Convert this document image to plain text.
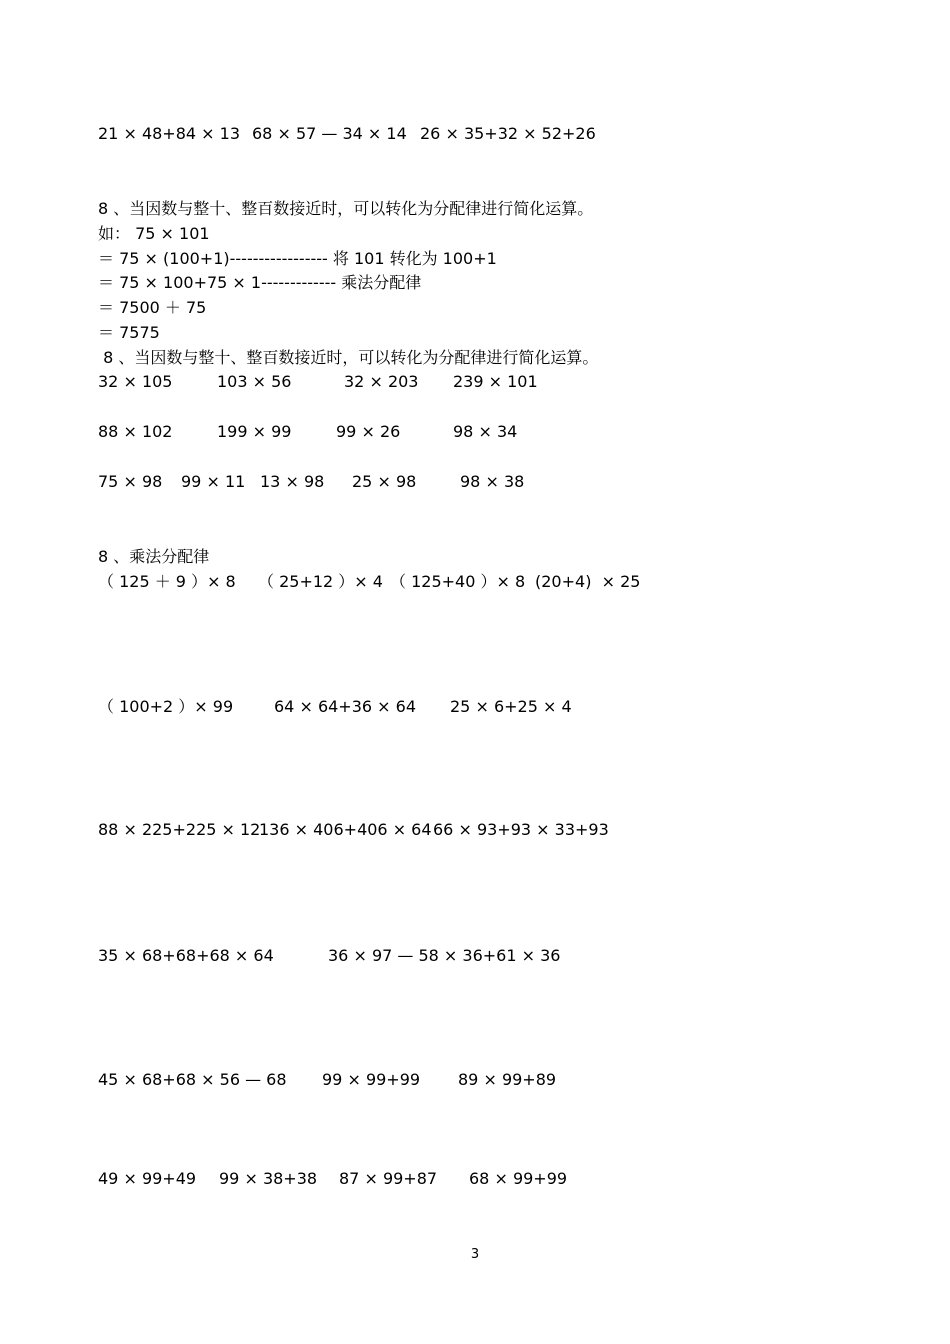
21 × 48+84 × 13 68 × 57 — 34 × 14 26 × 35+32 × 52+26
8 、当因数与整十、整百数接近时，可以转化为分配律进行简化运算。
如： 75 × 101
＝ 75 × (100+1)----------------- 将 101 转化为 100+1
＝ 75 × 100+75 × 1------------- 乘法分配律
＝ 7500 ＋ 75
＝ 7575
8 、当因数与整十、整百数接近时，可以转化为分配律进行简化运算。
32 × 105	103 × 56	32 × 203 239 × 101
88 × 102	199 × 99	99 × 26	98 × 34
75 × 98 99 × 11 13 × 98 25 × 98	98 × 38
8 、乘法分配律
（ 125 ＋ 9 ）× 8 （ 25+12 ）× 4 （ 125+40 ）× 8 (20+4)  × 25
（ 100+2 ）× 99	64 × 64+36 × 64 25 × 6+25 × 4
88 × 225+225 × 12
136 × 406+406 × 64 66 × 93+93 × 33+93
35 × 68+68+68 × 64	36 × 97 — 58 × 36+61 × 36
45 × 68+68 × 56 — 68 99 × 99+99 89 × 99+89
49 × 99+49 99 × 38+38 87 × 99+87 68 × 99+99
3
